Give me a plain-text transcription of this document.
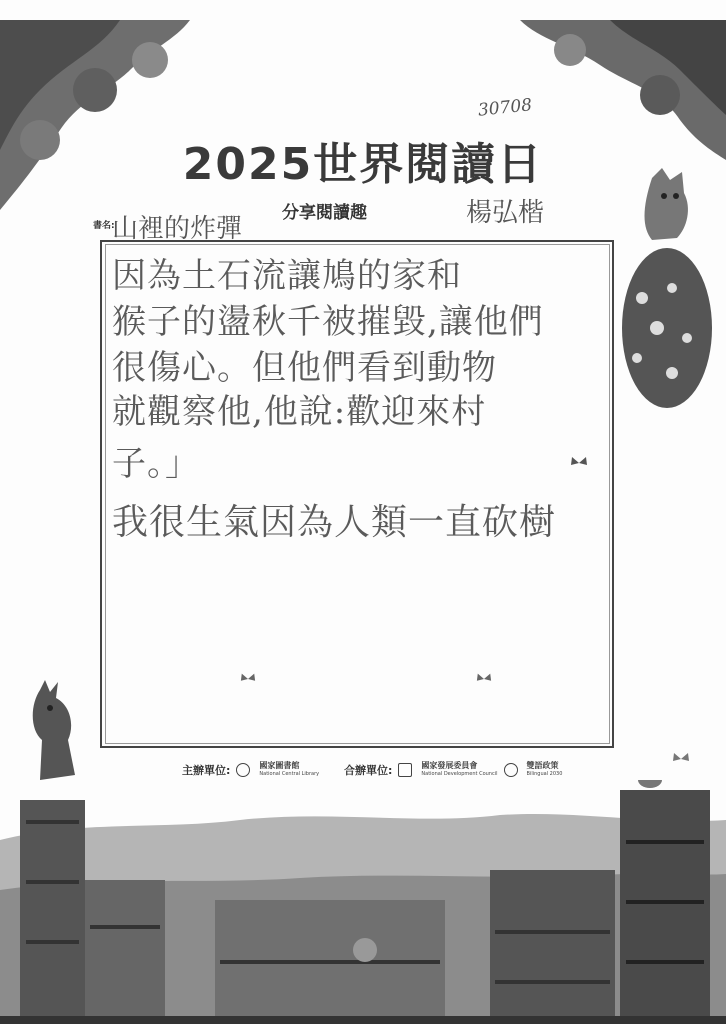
30708
2025世界閱讀日
分享閱讀趣	楊弘楷
書名:
山裡的炸彈
因為土石流讓鳩的家和
猴子的盪秋千被摧毀,讓他們
很傷心。但他們看到動物
就觀察他,他說:歡迎來村
子。」
我很生氣因為人類一直砍樹
主辦單位:	國家圖書館
National Central Library 合辦單位:	國家發展委員會
National Development Council
雙語政策
Bilingual 2030
